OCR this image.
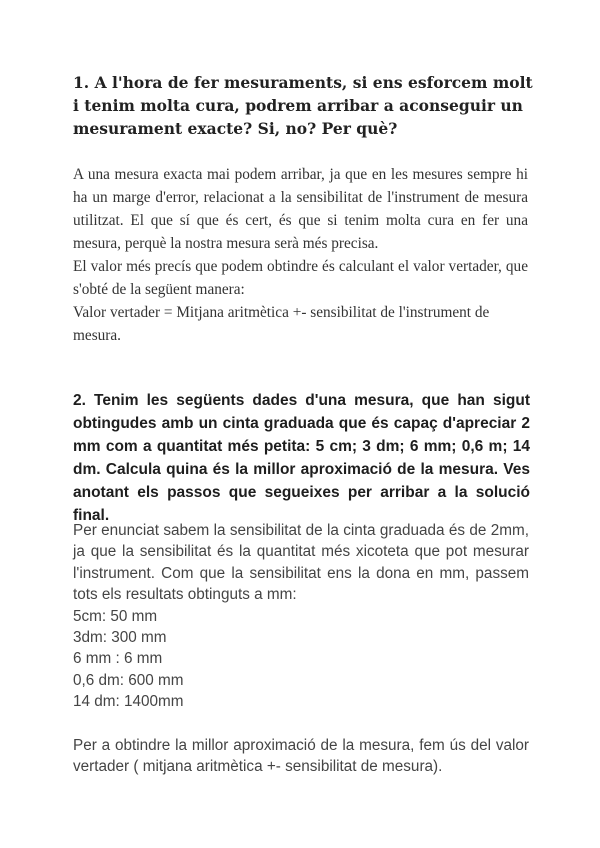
1. A l'hora de fer mesuraments, si ens esforcem molt i tenim molta cura, podrem arribar a aconseguir un mesurament exacte? Si, no? Per què?

A una mesura exacta mai podem arribar, ja que en les mesures sempre hi ha un marge d'error, relacionat a la sensibilitat de l'instrument de mesura utilitzat. El que sí que és cert, és que si tenim molta cura en fer una mesura, perquè la nostra mesura serà més precisa.

El valor més precís que podem obtindre és calculant el valor vertader, que s'obté de la següent manera:

Valor vertader = Mitjana aritmètica +- sensibilitat de l'instrument de mesura.

2. Tenim les següents dades d'una mesura, que han sigut obtingudes amb un cinta graduada que és capaç d'apreciar 2 mm com a quantitat més petita: 5 cm; 3 dm; 6 mm; 0,6 m; 14 dm. Calcula quina és la millor aproximació de la mesura. Ves anotant els passos que segueixes per arribar a la solució final.

Per enunciat sabem la sensibilitat de la cinta graduada és de 2mm, ja que la sensibilitat és la quantitat més xicoteta que pot mesurar l'instrument. Com que la sensibilitat ens la dona en mm, passem tots els resultats obtinguts a mm:

5cm: 50 mm
3dm: 300 mm
6 mm : 6 mm
0,6 dm: 600 mm
14 dm: 1400mm

Per a obtindre la millor aproximació de la mesura, fem ús del valor vertader ( mitjana aritmètica +- sensibilitat de mesura).
